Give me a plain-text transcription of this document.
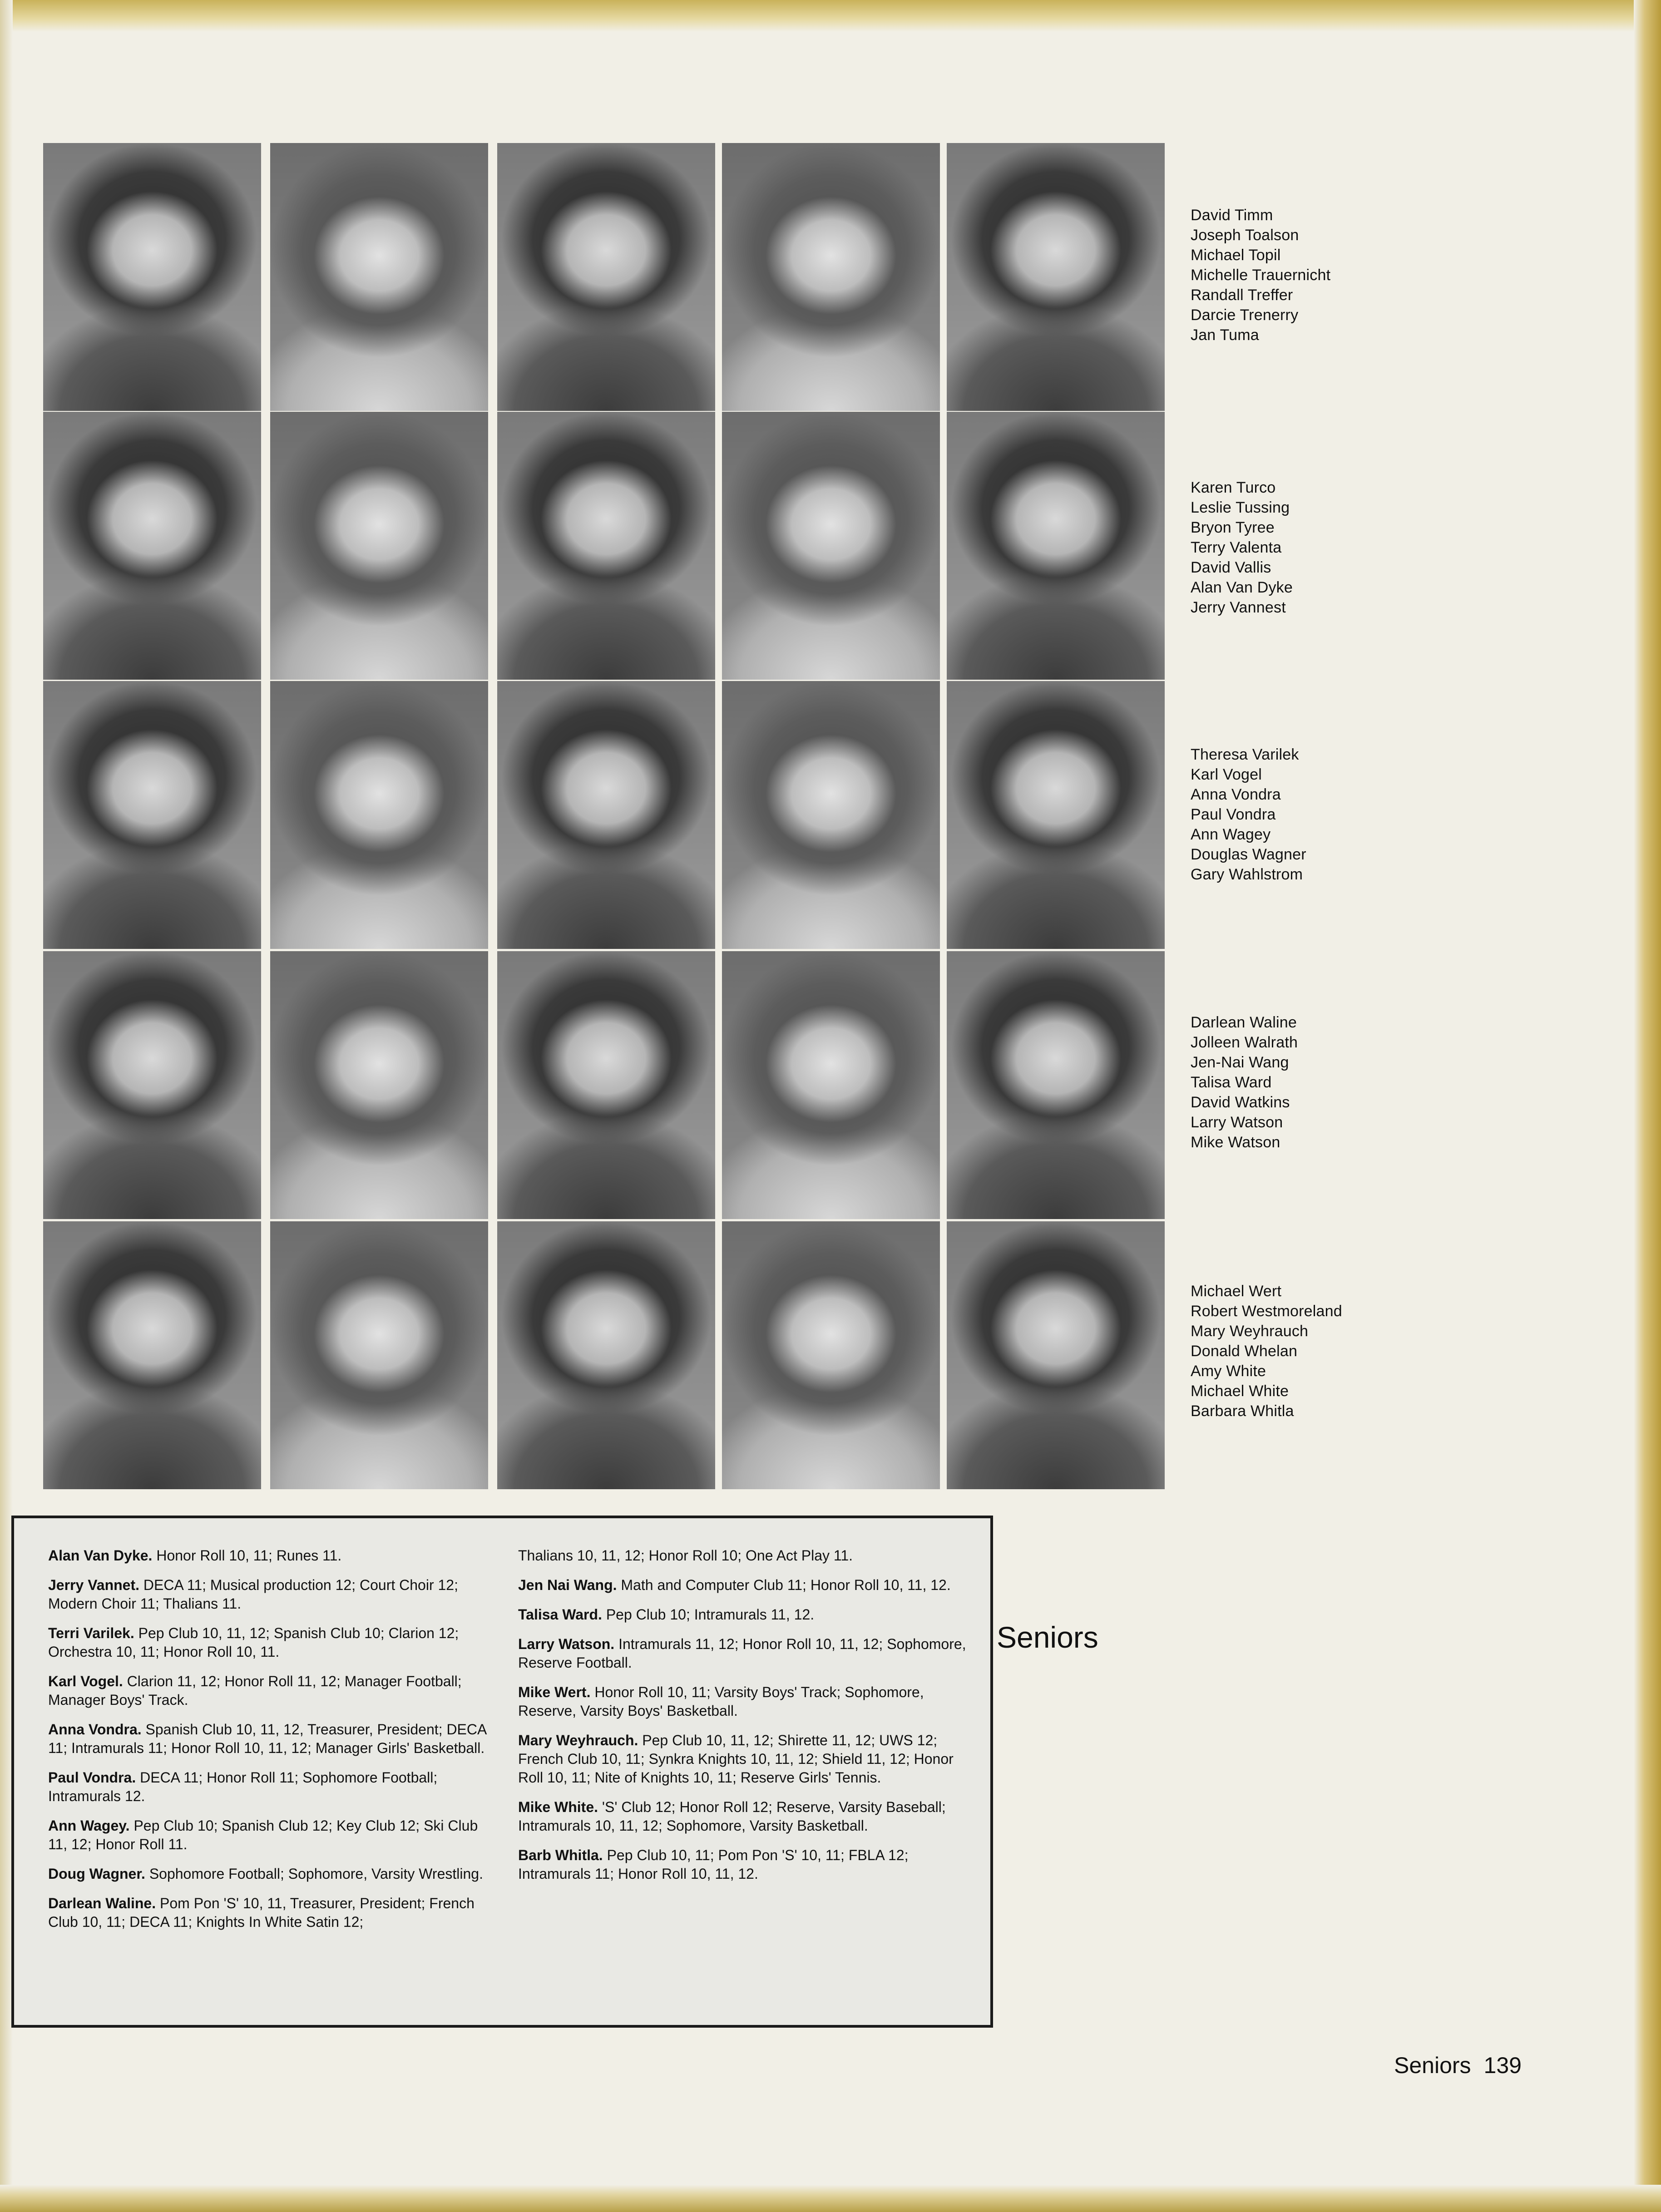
David Timm
Joseph Toalson
Michael Topil
Michelle Trauernicht
Randall Treffer
Darcie Trenerry
Jan Tuma
Karen Turco
Leslie Tussing
Bryon Tyree
Terry Valenta
David Vallis
Alan Van Dyke
Jerry Vannest
Theresa Varilek
Karl Vogel
Anna Vondra
Paul Vondra
Ann Wagey
Douglas Wagner
Gary Wahlstrom
Darlean Waline
Jolleen Walrath
Jen-Nai Wang
Talisa Ward
David Watkins
Larry Watson
Mike Watson
Michael Wert
Robert Westmoreland
Mary Weyhrauch
Donald Whelan
Amy White
Michael White
Barbara Whitla
Alan Van Dyke. Honor Roll 10, 11; Runes 11.
Jerry Vannet. DECA 11; Musical production 12; Court Choir 12; Modern Choir 11; Thalians 11.
Terri Varilek. Pep Club 10, 11, 12; Spanish Club 10; Clarion 12; Orchestra 10, 11; Honor Roll 10, 11.
Karl Vogel. Clarion 11, 12; Honor Roll 11, 12; Manager Football; Manager Boys' Track.
Anna Vondra. Spanish Club 10, 11, 12, Treasurer, President; DECA 11; Intramurals 11; Honor Roll 10, 11, 12; Manager Girls' Basketball.
Paul Vondra. DECA 11; Honor Roll 11; Sophomore Football; Intramurals 12.
Ann Wagey. Pep Club 10; Spanish Club 12; Key Club 12; Ski Club 11, 12; Honor Roll 11.
Doug Wagner. Sophomore Football; Sophomore, Varsity Wrestling.
Darlean Waline. Pom Pon 'S' 10, 11, Treasurer, President; French Club 10, 11; DECA 11; Knights In White Satin 12;
Thalians 10, 11, 12; Honor Roll 10; One Act Play 11.
Jen Nai Wang. Math and Computer Club 11; Honor Roll 10, 11, 12.
Talisa Ward. Pep Club 10; Intramurals 11, 12.
Larry Watson. Intramurals 11, 12; Honor Roll 10, 11, 12; Sophomore, Reserve Football.
Mike Wert. Honor Roll 10, 11; Varsity Boys' Track; Sophomore, Reserve, Varsity Boys' Basketball.
Mary Weyhrauch. Pep Club 10, 11, 12; Shirette 11, 12; UWS 12; French Club 10, 11; Synkra Knights 10, 11, 12; Shield 11, 12; Honor Roll 10, 11; Nite of Knights 10, 11; Reserve Girls' Tennis.
Mike White. 'S' Club 12; Honor Roll 12; Reserve, Varsity Baseball; Intramurals 10, 11, 12; Sophomore, Varsity Basketball.
Barb Whitla. Pep Club 10, 11; Pom Pon 'S' 10, 11; FBLA 12; Intramurals 11; Honor Roll 10, 11, 12.
Seniors
Seniors 139
